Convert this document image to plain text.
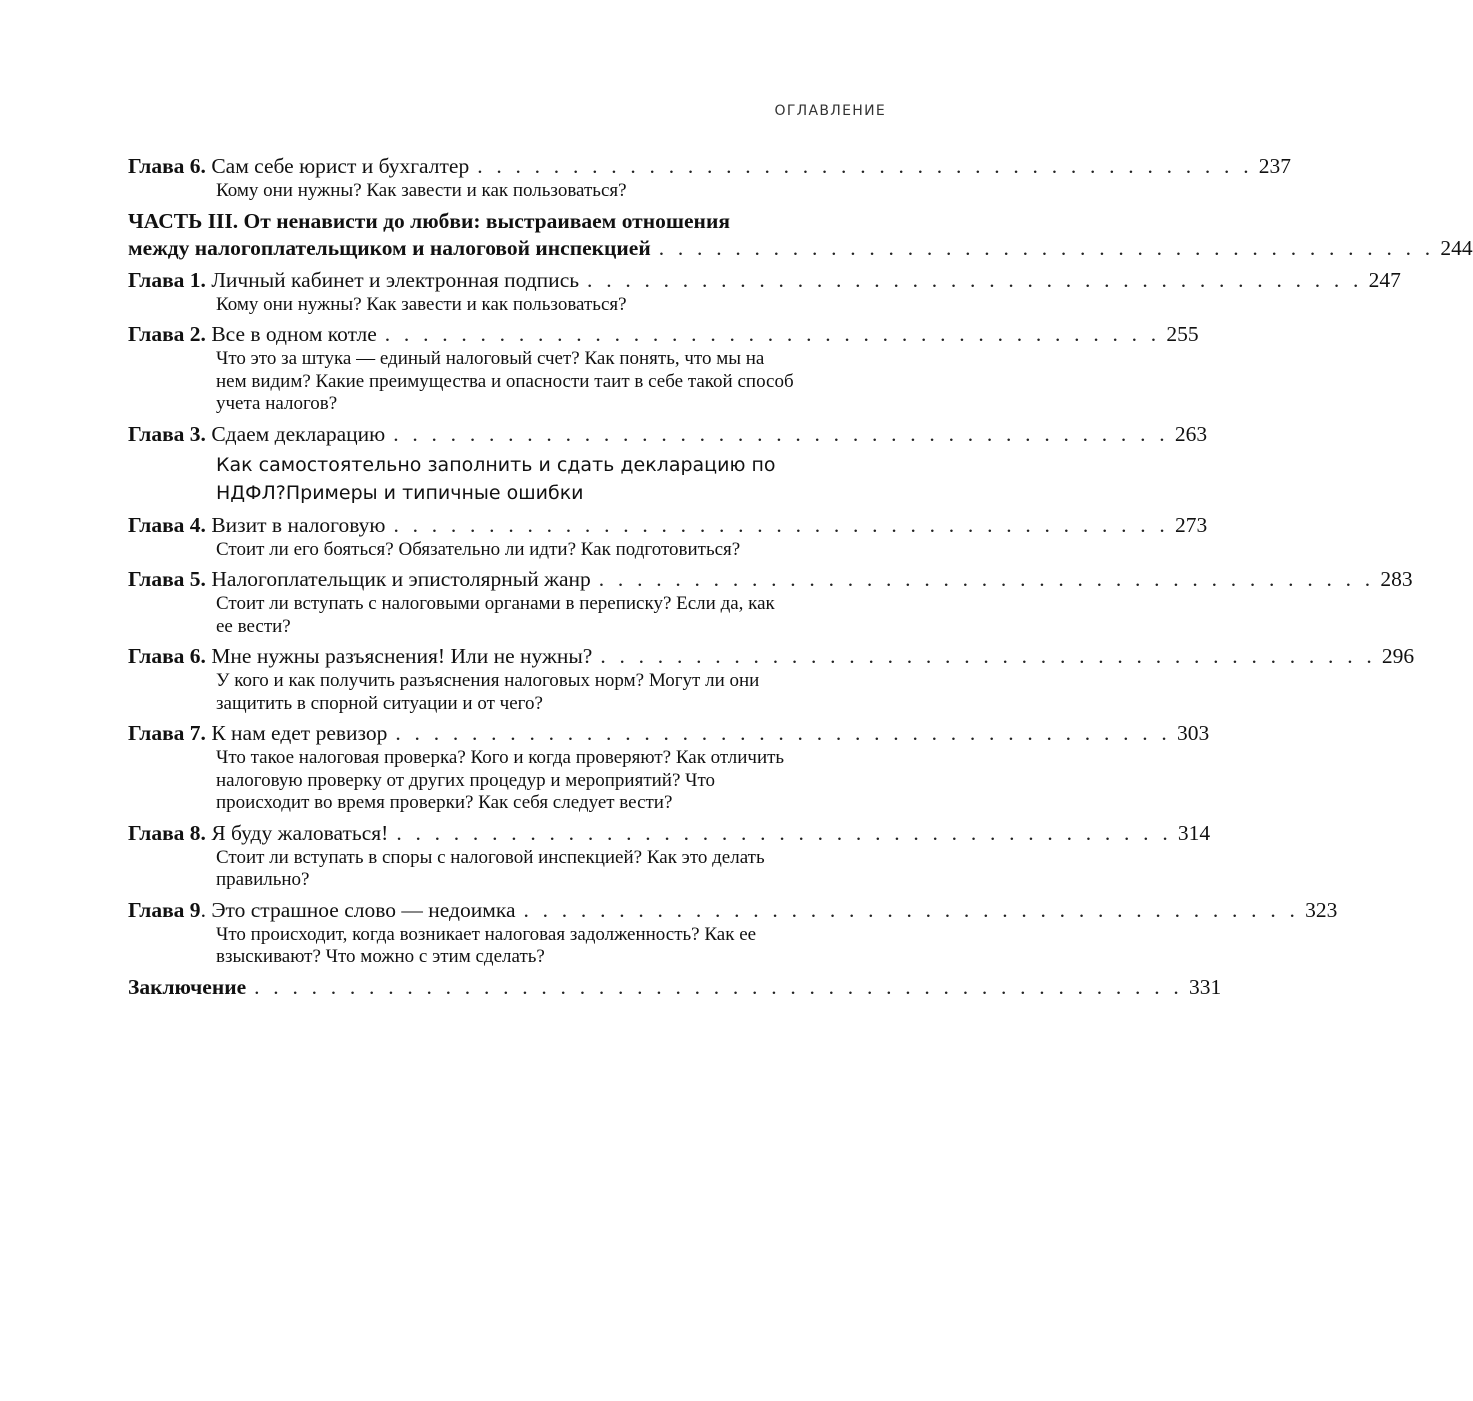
ОГЛАВЛЕНИЕ
Глава 6. Сам себе юрист и бухгалтер . . . . . . . . . . . . . . . . . . . . . . . . . . . . . . . . . . . . . . . . . 237
Кому они нужны? Как завести и как пользоваться?
ЧАСТЬ III. От ненависти до любви: выстраиваем отношения
между налогоплательщиком и налоговой инспекцией . . . . . . . . . . . . . . . . . . . . . . . . . . . . . . . . . . . . . . . . . 244
Глава 1. Личный кабинет и электронная подпись . . . . . . . . . . . . . . . . . . . . . . . . . . . . . . . . . . . . . . . . . 247
Кому они нужны? Как завести и как пользоваться?
Глава 2. Все в одном котле . . . . . . . . . . . . . . . . . . . . . . . . . . . . . . . . . . . . . . . . . 255
Что это за штука — единый налоговый счет? Как понять, что мы на нем видим? Какие преимущества и опасности таит в себе такой способ учета налогов?
Глава 3. Сдаем декларацию . . . . . . . . . . . . . . . . . . . . . . . . . . . . . . . . . . . . . . . . . 263
Как самостоятельно заполнить и сдать декларацию по НДФЛ?Примеры и типичные ошибки
Глава 4. Визит в налоговую . . . . . . . . . . . . . . . . . . . . . . . . . . . . . . . . . . . . . . . . . 273
Стоит ли его бояться? Обязательно ли идти? Как подготовиться?
Глава 5. Налогоплательщик и эпистолярный жанр . . . . . . . . . . . . . . . . . . . . . . . . . . . . . . . . . . . . . . . . . 283
Стоит ли вступать с налоговыми органами в переписку? Если да, как ее вести?
Глава 6. Мне нужны разъяснения! Или не нужны? . . . . . . . . . . . . . . . . . . . . . . . . . . . . . . . . . . . . . . . . . 296
У кого и как получить разъяснения налоговых норм? Могут ли они защитить в спорной ситуации и от чего?
Глава 7. К нам едет ревизор . . . . . . . . . . . . . . . . . . . . . . . . . . . . . . . . . . . . . . . . . 303
Что такое налоговая проверка? Кого и когда проверяют? Как отличить налоговую проверку от других процедур и мероприятий? Что происходит во время проверки? Как себя следует вести?
Глава 8. Я буду жаловаться! . . . . . . . . . . . . . . . . . . . . . . . . . . . . . . . . . . . . . . . . . 314
Стоит ли вступать в споры с налоговой инспекцией? Как это делать правильно?
Глава 9. Это страшное слово — недоимка . . . . . . . . . . . . . . . . . . . . . . . . . . . . . . . . . . . . . . . . . 323
Что происходит, когда возникает налоговая задолженность? Как ее взыскивают? Что можно с этим сделать?
Заключение . . . . . . . . . . . . . . . . . . . . . . . . . . . . . . . . . . . . . . . . . . . . . . . . . 331
